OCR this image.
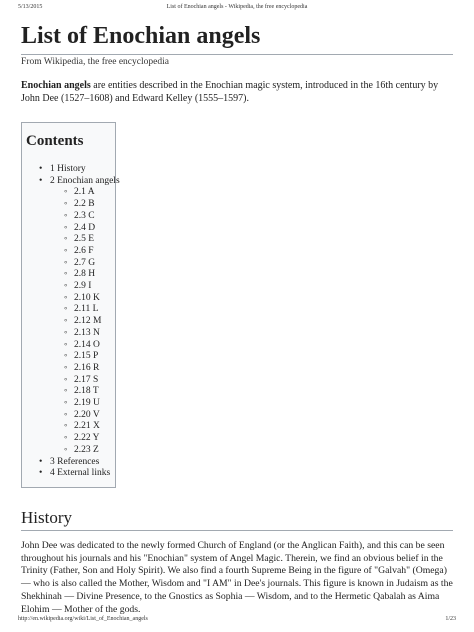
5/13/2015	List of Enochian angels - Wikipedia, the free encyclopedia
List of Enochian angels
From Wikipedia, the free encyclopedia

Enochian angels are entities described in the Enochian magic system, introduced in the 16th century by John Dee (1527–1608) and Edward Kelley (1555–1597).

Contents
• 1 History
• 2 Enochian angels
◦ 2.1 A
◦ 2.2 B
◦ 2.3 C
◦ 2.4 D
◦ 2.5 E
◦ 2.6 F
◦ 2.7 G
◦ 2.8 H
◦ 2.9 I
◦ 2.10 K
◦ 2.11 L
◦ 2.12 M
◦ 2.13 N
◦ 2.14 O
◦ 2.15 P
◦ 2.16 R
◦ 2.17 S
◦ 2.18 T
◦ 2.19 U
◦ 2.20 V
◦ 2.21 X
◦ 2.22 Y
◦ 2.23 Z
• 3 References
• 4 External links
History

John Dee was dedicated to the newly formed Church of England (or the Anglican Faith), and this can be seen throughout his journals and his "Enochian" system of Angel Magic. Therein, we find an obvious belief in the Trinity (Father, Son and Holy Spirit). We also find a fourth Supreme Being in the figure of "Galvah" (Omega) — who is also called the Mother, Wisdom and "I AM" in Dee's journals. This figure is known in Judaism as the Shekhinah — Divine Presence, to the Gnostics as Sophia — Wisdom, and to the Hermetic Qabalah as Aima Elohim — Mother of the gods.

http://en.wikipedia.org/wiki/List_of_Enochian_angels	1/23
